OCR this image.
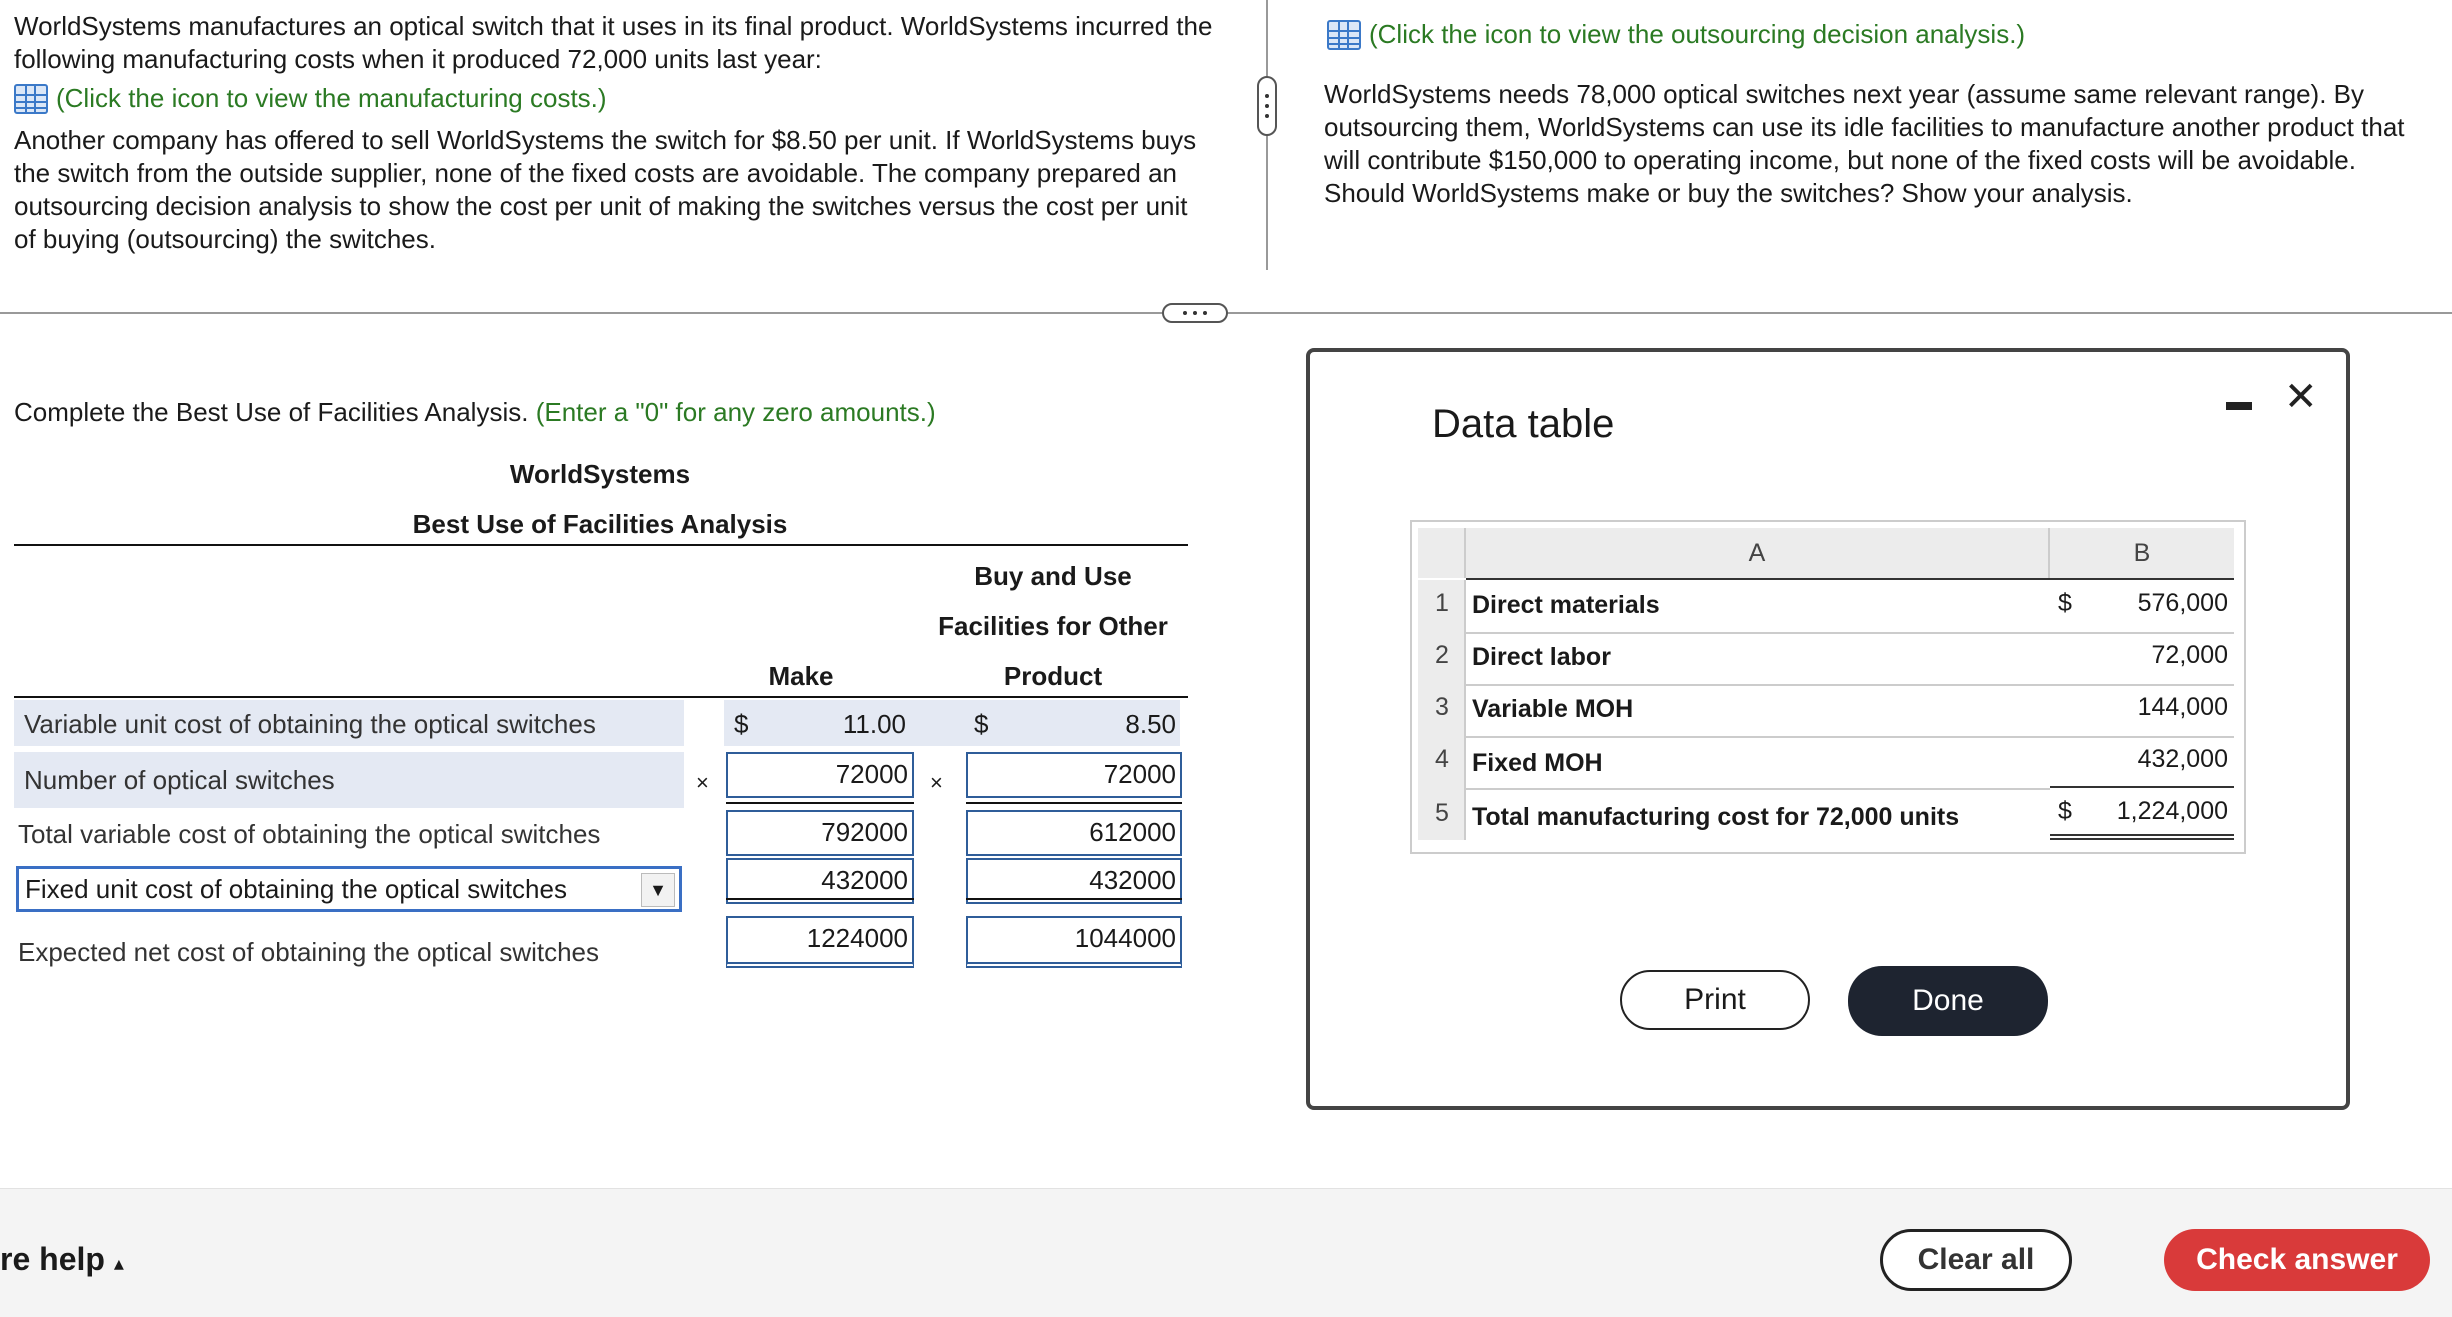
WorldSystems manufactures an optical switch that it uses in its final product. WorldSystems incurred the following manufacturing costs when it produced 72,000 units last year:
(Click the icon to view the manufacturing costs.)
Another company has offered to sell WorldSystems the switch for $8.50 per unit. If WorldSystems buys the switch from the outside supplier, none of the fixed costs are avoidable. The company prepared an outsourcing decision analysis to show the cost per unit of making the switches versus the cost per unit of buying (outsourcing) the switches.
(Click the icon to view the outsourcing decision analysis.)
WorldSystems needs 78,000 optical switches next year (assume same relevant range). By outsourcing them, WorldSystems can use its idle facilities to manufacture another product that will contribute $150,000 to operating income, but none of the fixed costs will be avoidable. Should WorldSystems make or buy the switches? Show your analysis.
Complete the Best Use of Facilities Analysis. (Enter a "0" for any zero amounts.)
WorldSystems
Best Use of Facilities Analysis
Buy and Use
Facilities for Other
Make	Product
Variable unit cost of obtaining the optical switches	$	11.00	$	8.50
Number of optical switches	×	72000 ×	72000
Total variable cost of obtaining the optical switches	792000	612000
Fixed unit cost of obtaining the optical switches	▼	432000	432000
Expected net cost of obtaining the optical switches	1224000	1044000
Data table
✕
A	B
1 Direct materials	$	576,000
2 Direct labor	72,000
3 Variable MOH	144,000
4 Fixed MOH	432,000
5 Total manufacturing cost for 72,000 units	$	1,224,000
Print	Done
re help ▴	Clear all	Check answer
